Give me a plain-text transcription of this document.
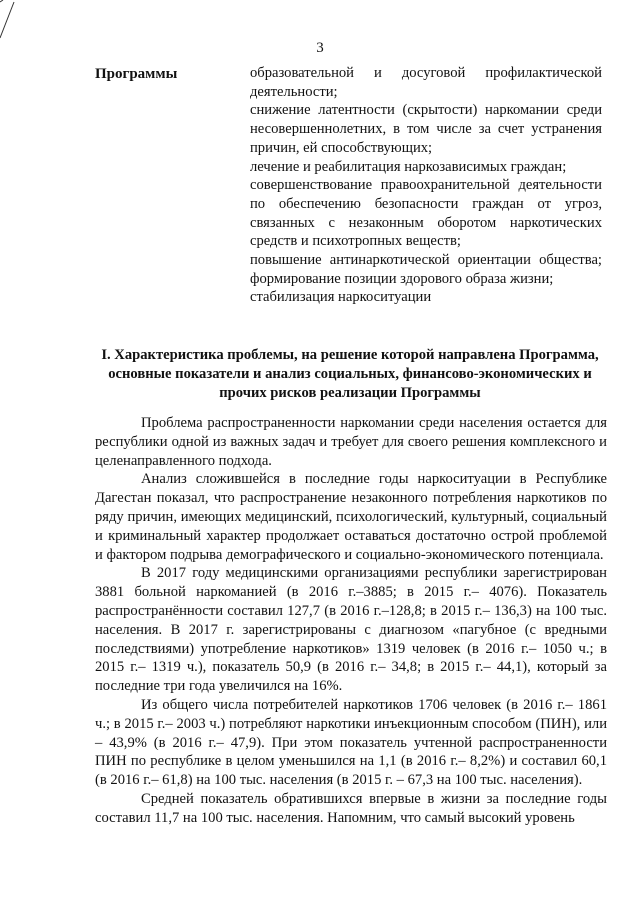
3
Программы	образовательной и досуговой профилактической деятельности;

снижение латентности (скрытости) наркомании среди несовершеннолетних, в том числе за счет устранения причин, ей способствующих;

лечение и реабилитация наркозависимых граждан;

совершенствование правоохранительной деятельности по обеспечению безопасности граждан от угроз, связанных с незаконным оборотом наркотических средств и психотропных веществ;

повышение антинаркотической ориентации общества; формирование позиции здорового образа жизни;

стабилизация наркоситуации

I. Характеристика проблемы, на решение которой направлена Программа, основные показатели и анализ социальных, финансово-экономических и прочих рисков реализации Программы

Проблема распространенности наркомании среди населения остается для республики одной из важных задач и требует для своего решения комплексного и целенаправленного подхода.

Анализ сложившейся в последние годы наркоситуации в Республике Дагестан показал, что распространение незаконного потребления наркотиков по ряду причин, имеющих медицинский, психологический, культурный, социальный и криминальный характер продолжает оставаться достаточно острой проблемой и фактором подрыва демографического и социально-экономического потенциала.

В 2017 году медицинскими организациями республики зарегистрирован 3881 больной наркоманией (в 2016 г.–3885; в 2015 г.– 4076). Показатель распространённости составил 127,7 (в 2016 г.–128,8; в 2015 г.– 136,3) на 100 тыс. населения. В 2017 г. зарегистрированы с диагнозом «пагубное (с вредными последствиями) употребление наркотиков» 1319 человек (в 2016 г.– 1050 ч.; в 2015 г.– 1319 ч.), показатель 50,9 (в 2016 г.– 34,8; в 2015 г.– 44,1), который за последние три года увеличился на 16%.

Из общего числа потребителей наркотиков 1706 человек (в 2016 г.– 1861 ч.; в 2015 г.– 2003 ч.) потребляют наркотики инъекционным способом (ПИН), или – 43,9% (в 2016 г.– 47,9). При этом показатель учтенной распространенности ПИН по республике в целом уменьшился на 1,1 (в 2016 г.– 8,2%) и составил 60,1 (в 2016 г.– 61,8) на 100 тыс. населения (в 2015 г. – 67,3 на 100 тыс. населения).

Средней показатель обратившихся впервые в жизни за последние годы составил 11,7 на 100 тыс. населения. Напомним, что самый высокий уровень
